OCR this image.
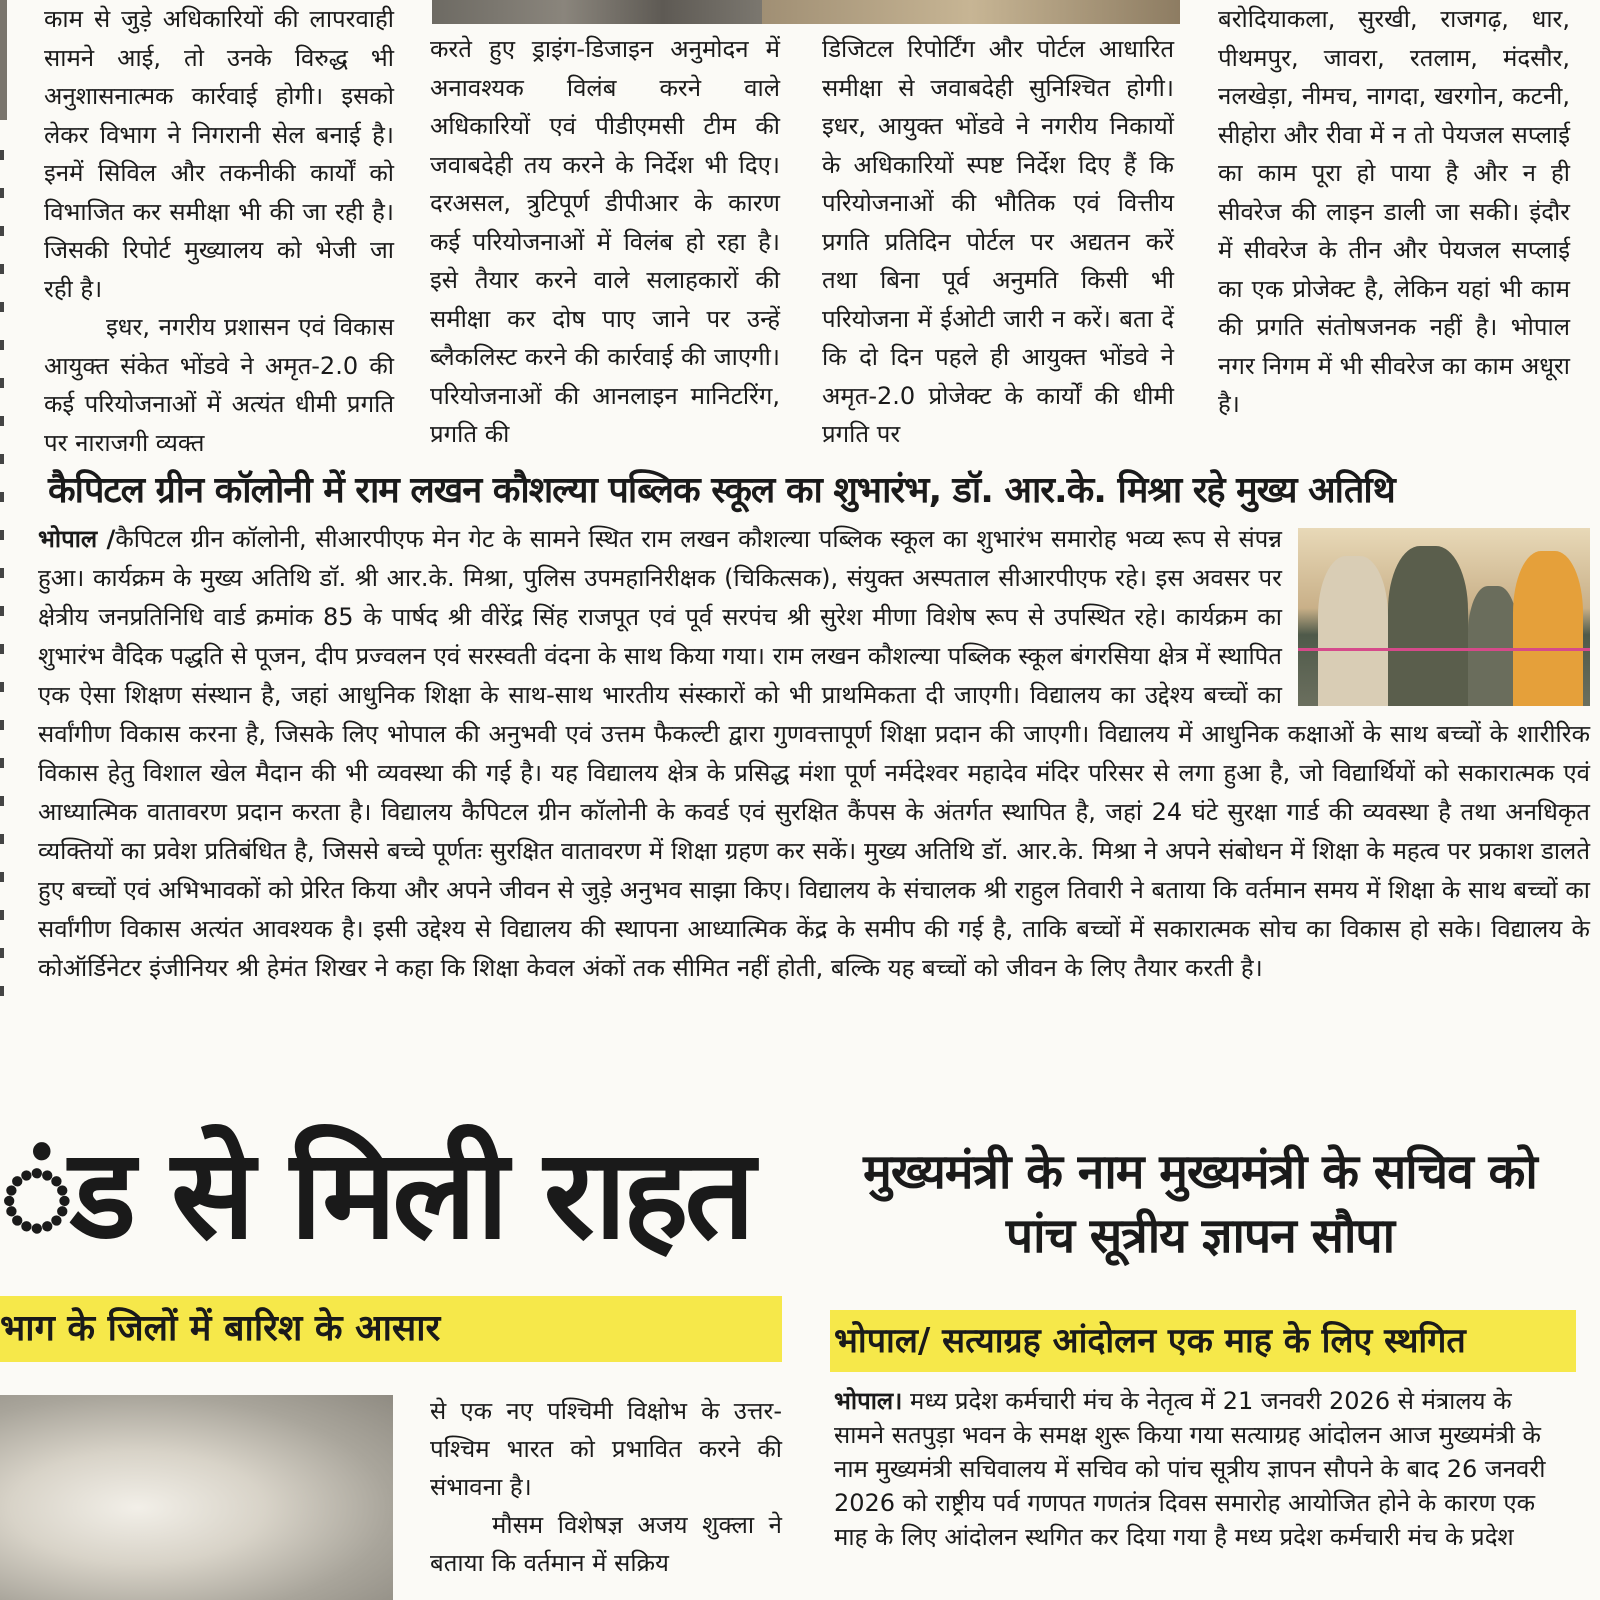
काम से जुड़े अधिकारियों की लापरवाही सामने आई, तो उनके विरुद्ध भी अनुशासनात्मक कार्रवाई होगी। इसको लेकर विभाग ने निगरानी सेल बनाई है। इनमें सिविल और तकनीकी कार्यों को विभाजित कर समीक्षा भी की जा रही है। जिसकी रिपोर्ट मुख्यालय को भेजी जा रही है।

इधर, नगरीय प्रशासन एवं विकास आयुक्त संकेत भोंडवे ने अमृत-2.0 की कई परियोजनाओं में अत्यंत धीमी प्रगति पर नाराजगी व्यक्त

करते हुए ड्राइंग-डिजाइन अनुमोदन में अनावश्यक विलंब करने वाले अधिकारियों एवं पीडीएमसी टीम की जवाबदेही तय करने के निर्देश भी दिए। दरअसल, त्रुटिपूर्ण डीपीआर के कारण कई परियोजनाओं में विलंब हो रहा है। इसे तैयार करने वाले सलाहकारों की समीक्षा कर दोष पाए जाने पर उन्हें ब्लैकलिस्ट करने की कार्रवाई की जाएगी। परियोजनाओं की आनलाइन मानिटरिंग, प्रगति की

डिजिटल रिपोर्टिंग और पोर्टल आधारित समीक्षा से जवाबदेही सुनिश्चित होगी।इधर, आयुक्त भोंडवे ने नगरीय निकायों के अधिकारियों स्पष्ट निर्देश दिए हैं कि परियोजनाओं की भौतिक एवं वित्तीय प्रगति प्रतिदिन पोर्टल पर अद्यतन करें तथा बिना पूर्व अनुमति किसी भी परियोजना में ईओटी जारी न करें। बता दें कि दो दिन पहले ही आयुक्त भोंडवे ने अमृत-2.0 प्रोजेक्ट के कार्यों की धीमी प्रगति पर

बरोदियाकला, सुरखी, राजगढ़, धार, पीथमपुर, जावरा, रतलाम, मंदसौर, नलखेड़ा, नीमच, नागदा, खरगोन, कटनी, सीहोरा और रीवा में न तो पेयजल सप्लाई का काम पूरा हो पाया है और न ही सीवरेज की लाइन डाली जा सकी। इंदौर में सीवरेज के तीन और पेयजल सप्लाई का एक प्रोजेक्ट है, लेकिन यहां भी काम की प्रगति संतोषजनक नहीं है। भोपाल नगर निगम में भी सीवरेज का काम अधूरा है।

कैपिटल ग्रीन कॉलोनी में राम लखन कौशल्या पब्लिक स्कूल का शुभारंभ, डॉ. आर.के. मिश्रा रहे मुख्य अतिथि
भोपाल /कैपिटल ग्रीन कॉलोनी, सीआरपीएफ मेन गेट के सामने स्थित राम लखन कौशल्या पब्लिक स्कूल का शुभारंभ समारोह भव्य रूप से संपन्न हुआ। कार्यक्रम के मुख्य अतिथि डॉ. श्री आर.के. मिश्रा, पुलिस उपमहानिरीक्षक (चिकित्सक), संयुक्त अस्पताल सीआरपीएफ रहे। इस अवसर पर क्षेत्रीय जनप्रतिनिधि वार्ड क्रमांक 85 के पार्षद श्री वीरेंद्र सिंह राजपूत एवं पूर्व सरपंच श्री सुरेश मीणा विशेष रूप से उपस्थित रहे। कार्यक्रम का शुभारंभ वैदिक पद्धति से पूजन, दीप प्रज्वलन एवं सरस्वती वंदना के साथ किया गया। राम लखन कौशल्या पब्लिक स्कूल बंगरसिया क्षेत्र में स्थापित एक ऐसा शिक्षण संस्थान है, जहां आधुनिक शिक्षा के साथ-साथ भारतीय संस्कारों को भी प्राथमिकता दी जाएगी। विद्यालय का उद्देश्य बच्चों का सर्वांगीण विकास करना है, जिसके लिए भोपाल की अनुभवी एवं उत्तम फैकल्टी द्वारा गुणवत्तापूर्ण शिक्षा प्रदान की जाएगी। विद्यालय में आधुनिक कक्षाओं के साथ बच्चों के शारीरिक विकास हेतु विशाल खेल मैदान की भी व्यवस्था की गई है। यह विद्यालय क्षेत्र के प्रसिद्ध मंशा पूर्ण नर्मदेश्वर महादेव मंदिर परिसर से लगा हुआ है, जो विद्यार्थियों को सकारात्मक एवं आध्यात्मिक वातावरण प्रदान करता है। विद्यालय कैपिटल ग्रीन कॉलोनी के कवर्ड एवं सुरक्षित कैंपस के अंतर्गत स्थापित है, जहां 24 घंटे सुरक्षा गार्ड की व्यवस्था है तथा अनधिकृत व्यक्तियों का प्रवेश प्रतिबंधित है, जिससे बच्चे पूर्णतः सुरक्षित वातावरण में शिक्षा ग्रहण कर सकें। मुख्य अतिथि डॉ. आर.के. मिश्रा ने अपने संबोधन में शिक्षा के महत्व पर प्रकाश डालते हुए बच्चों एवं अभिभावकों को प्रेरित किया और अपने जीवन से जुड़े अनुभव साझा किए। विद्यालय के संचालक श्री राहुल तिवारी ने बताया कि वर्तमान समय में शिक्षा के साथ बच्चों का सर्वांगीण विकास अत्यंत आवश्यक है। इसी उद्देश्य से विद्यालय की स्थापना आध्यात्मिक केंद्र के समीप की गई है, ताकि बच्चों में सकारात्मक सोच का विकास हो सके। विद्यालय के कोऑर्डिनेटर इंजीनियर श्री हेमंत शिखर ने कहा कि शिक्षा केवल अंकों तक सीमित नहीं होती, बल्कि यह बच्चों को जीवन के लिए तैयार करती है।
ंड से मिली राहत
भाग के जिलों में बारिश के आसार

से एक नए पश्चिमी विक्षोभ के उत्तर-पश्चिम भारत को प्रभावित करने की संभावना है।

मौसम विशेषज्ञ अजय शुक्ला ने बताया कि वर्तमान में सक्रिय

मुख्यमंत्री के नाम मुख्यमंत्री के सचिव को पांच सूत्रीय ज्ञापन सौपा
भोपाल/ सत्याग्रह आंदोलन एक माह के लिए स्थगित
भोपाल। मध्य प्रदेश कर्मचारी मंच के नेतृत्व में 21 जनवरी 2026 से मंत्रालय के सामने सतपुड़ा भवन के समक्ष शुरू किया गया सत्याग्रह आंदोलन आज मुख्यमंत्री के नाम मुख्यमंत्री सचिवालय में सचिव को पांच सूत्रीय ज्ञापन सौपने के बाद 26 जनवरी 2026 को राष्ट्रीय पर्व गणपत गणतंत्र दिवस समारोह आयोजित होने के कारण एक माह के लिए आंदोलन स्थगित कर दिया गया है मध्य प्रदेश कर्मचारी मंच के प्रदेश
